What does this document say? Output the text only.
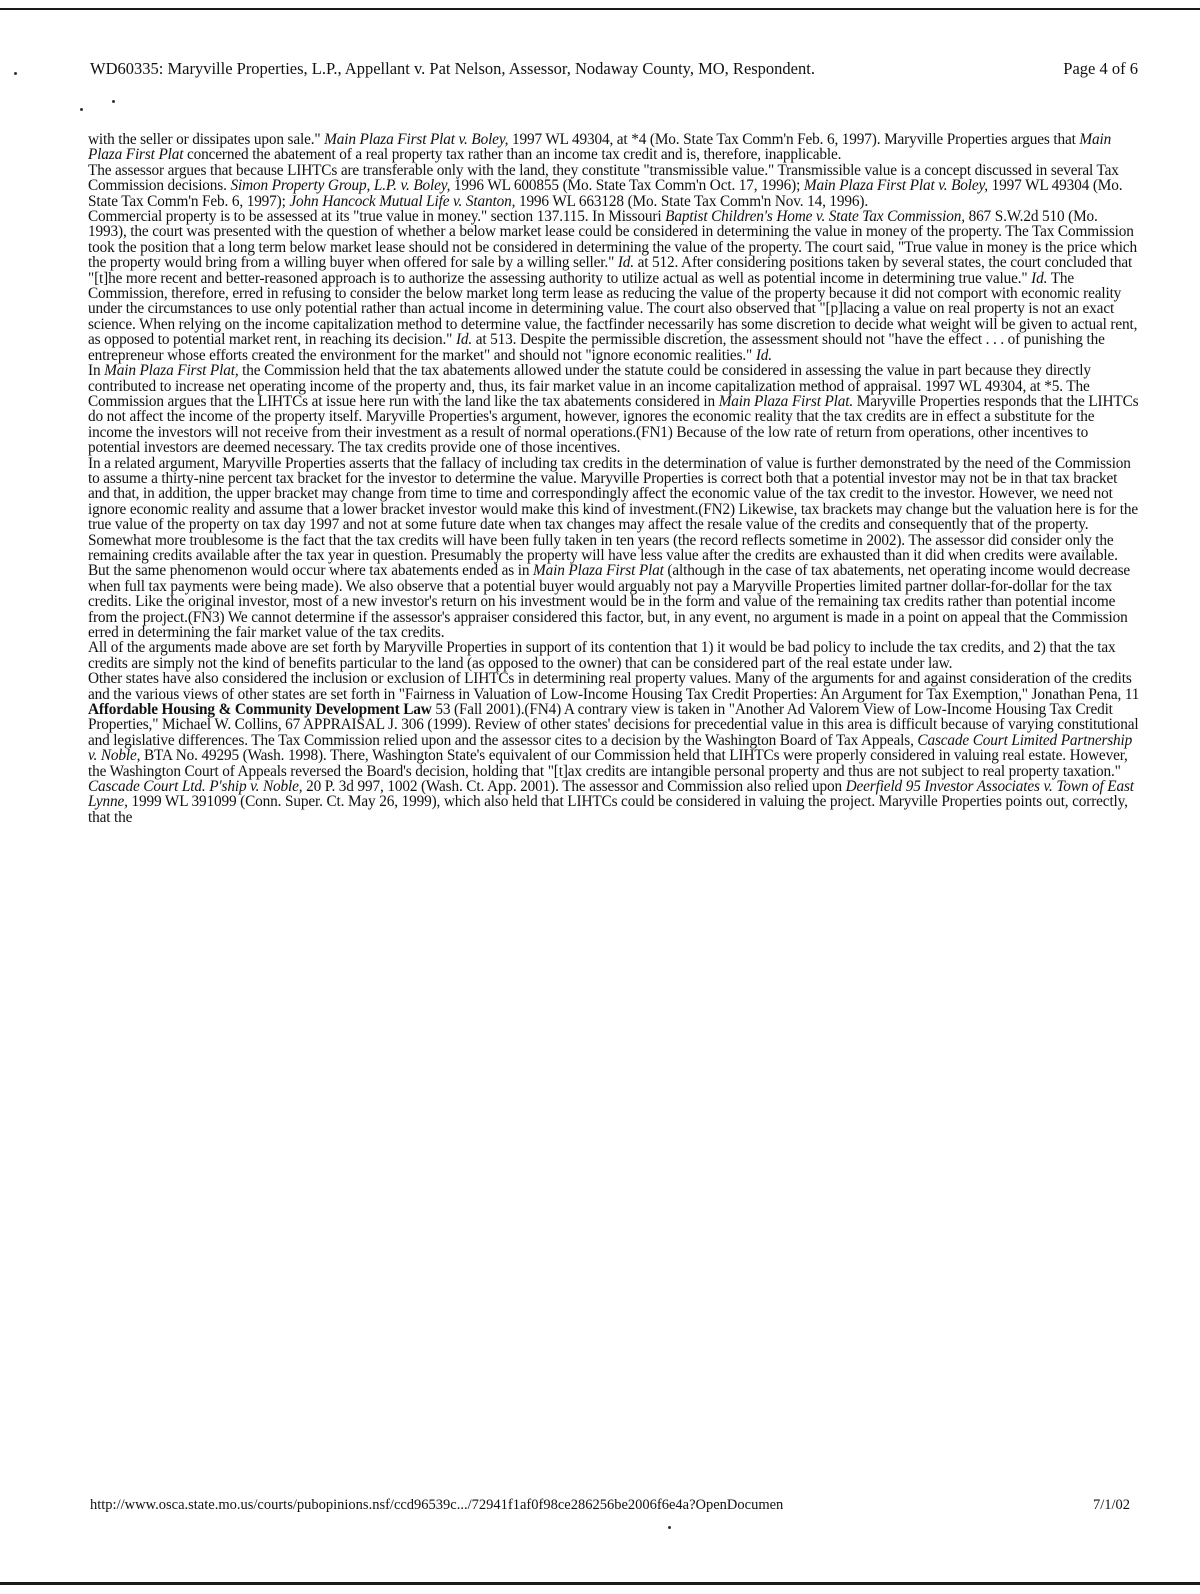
WD60335: Maryville Properties, L.P., Appellant v. Pat Nelson, Assessor, Nodaway County, MO, Respondent.	Page 4 of 6

with the seller or dissipates upon sale." Main Plaza First Plat v. Boley, 1997 WL 49304, at *4 (Mo. State Tax Comm'n Feb. 6, 1997). Maryville Properties argues that Main Plaza First Plat concerned the abatement of a real property tax rather than an income tax credit and is, therefore, inapplicable.

The assessor argues that because LIHTCs are transferable only with the land, they constitute "transmissible value." Transmissible value is a concept discussed in several Tax Commission decisions. Simon Property Group, L.P. v. Boley, 1996 WL 600855 (Mo. State Tax Comm'n Oct. 17, 1996); Main Plaza First Plat v. Boley, 1997 WL 49304 (Mo. State Tax Comm'n Feb. 6, 1997); John Hancock Mutual Life v. Stanton, 1996 WL 663128 (Mo. State Tax Comm'n Nov. 14, 1996).

Commercial property is to be assessed at its "true value in money." section 137.115. In Missouri Baptist Children's Home v. State Tax Commission, 867 S.W.2d 510 (Mo. 1993), the court was presented with the question of whether a below market lease could be considered in determining the value in money of the property. The Tax Commission took the position that a long term below market lease should not be considered in determining the value of the property. The court said, "True value in money is the price which the property would bring from a willing buyer when offered for sale by a willing seller." Id. at 512. After considering positions taken by several states, the court concluded that "[t]he more recent and better-reasoned approach is to authorize the assessing authority to utilize actual as well as potential income in determining true value." Id. The Commission, therefore, erred in refusing to consider the below market long term lease as reducing the value of the property because it did not comport with economic reality under the circumstances to use only potential rather than actual income in determining value. The court also observed that "[p]lacing a value on real property is not an exact science. When relying on the income capitalization method to determine value, the factfinder necessarily has some discretion to decide what weight will be given to actual rent, as opposed to potential market rent, in reaching its decision." Id. at 513. Despite the permissible discretion, the assessment should not "have the effect . . . of punishing the entrepreneur whose efforts created the environment for the market" and should not "ignore economic realities." Id.

In Main Plaza First Plat, the Commission held that the tax abatements allowed under the statute could be considered in assessing the value in part because they directly contributed to increase net operating income of the property and, thus, its fair market value in an income capitalization method of appraisal. 1997 WL 49304, at *5. The Commission argues that the LIHTCs at issue here run with the land like the tax abatements considered in Main Plaza First Plat. Maryville Properties responds that the LIHTCs do not affect the income of the property itself. Maryville Properties's argument, however, ignores the economic reality that the tax credits are in effect a substitute for the income the investors will not receive from their investment as a result of normal operations.(FN1) Because of the low rate of return from operations, other incentives to potential investors are deemed necessary. The tax credits provide one of those incentives.

In a related argument, Maryville Properties asserts that the fallacy of including tax credits in the determination of value is further demonstrated by the need of the Commission to assume a thirty-nine percent tax bracket for the investor to determine the value. Maryville Properties is correct both that a potential investor may not be in that tax bracket and that, in addition, the upper bracket may change from time to time and correspondingly affect the economic value of the tax credit to the investor. However, we need not ignore economic reality and assume that a lower bracket investor would make this kind of investment.(FN2) Likewise, tax brackets may change but the valuation here is for the true value of the property on tax day 1997 and not at some future date when tax changes may affect the resale value of the credits and consequently that of the property. Somewhat more troublesome is the fact that the tax credits will have been fully taken in ten years (the record reflects sometime in 2002). The assessor did consider only the remaining credits available after the tax year in question. Presumably the property will have less value after the credits are exhausted than it did when credits were available. But the same phenomenon would occur where tax abatements ended as in Main Plaza First Plat (although in the case of tax abatements, net operating income would decrease when full tax payments were being made). We also observe that a potential buyer would arguably not pay a Maryville Properties limited partner dollar-for-dollar for the tax credits. Like the original investor, most of a new investor's return on his investment would be in the form and value of the remaining tax credits rather than potential income from the project.(FN3) We cannot determine if the assessor's appraiser considered this factor, but, in any event, no argument is made in a point on appeal that the Commission erred in determining the fair market value of the tax credits.

All of the arguments made above are set forth by Maryville Properties in support of its contention that 1) it would be bad policy to include the tax credits, and 2) that the tax credits are simply not the kind of benefits particular to the land (as opposed to the owner) that can be considered part of the real estate under law.

Other states have also considered the inclusion or exclusion of LIHTCs in determining real property values. Many of the arguments for and against consideration of the credits and the various views of other states are set forth in "Fairness in Valuation of Low-Income Housing Tax Credit Properties: An Argument for Tax Exemption," Jonathan Pena, 11 Affordable Housing & Community Development Law 53 (Fall 2001).(FN4) A contrary view is taken in "Another Ad Valorem View of Low-Income Housing Tax Credit Properties," Michael W. Collins, 67 APPRAISAL J. 306 (1999). Review of other states' decisions for precedential value in this area is difficult because of varying constitutional and legislative differences. The Tax Commission relied upon and the assessor cites to a decision by the Washington Board of Tax Appeals, Cascade Court Limited Partnership v. Noble, BTA No. 49295 (Wash. 1998). There, Washington State's equivalent of our Commission held that LIHTCs were properly considered in valuing real estate. However, the Washington Court of Appeals reversed the Board's decision, holding that "[t]ax credits are intangible personal property and thus are not subject to real property taxation." Cascade Court Ltd. P'ship v. Noble, 20 P. 3d 997, 1002 (Wash. Ct. App. 2001). The assessor and Commission also relied upon Deerfield 95 Investor Associates v. Town of East Lynne, 1999 WL 391099 (Conn. Super. Ct. May 26, 1999), which also held that LIHTCs could be considered in valuing the project. Maryville Properties points out, correctly, that the

http://www.osca.state.mo.us/courts/pubopinions.nsf/ccd96539c.../72941f1af0f98ce286256be2006f6e4a?OpenDocumen	7/1/02
